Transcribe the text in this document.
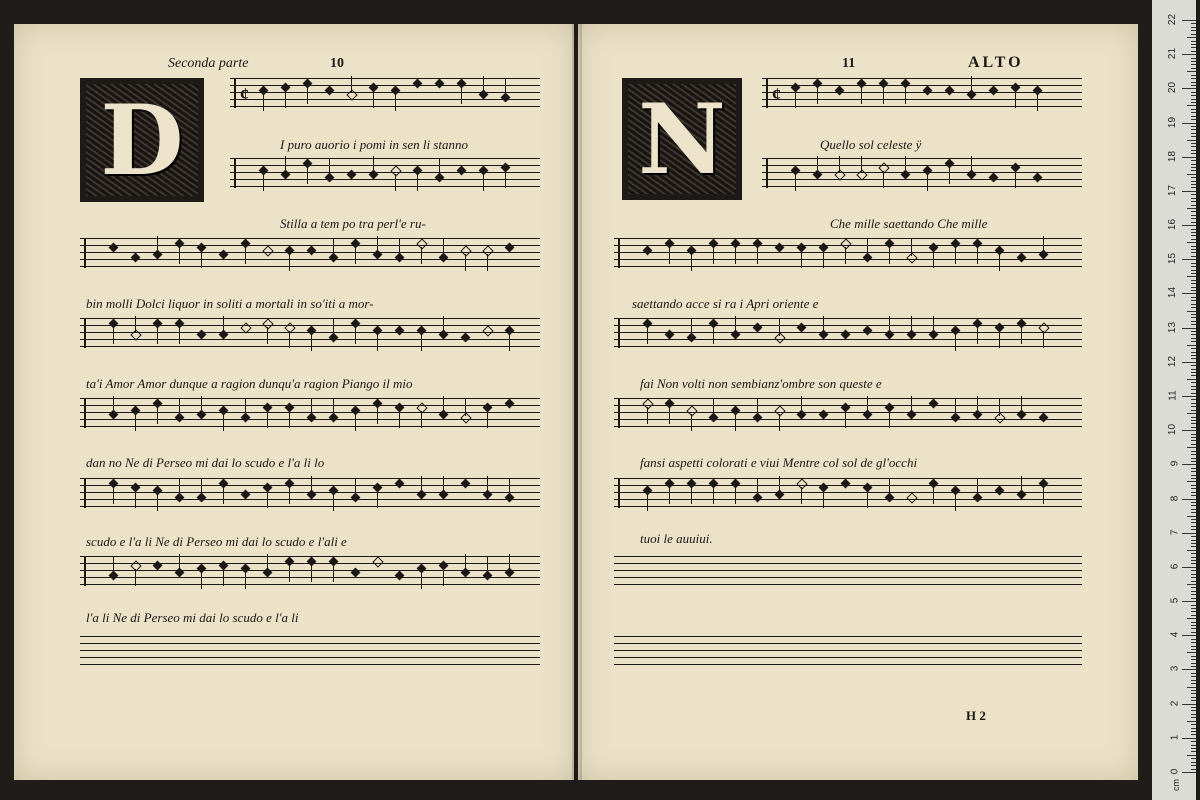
Seconda parte	10
D
11	ALTO
N
¢	¢
I puro auorio i pomi in sen li stanno
Stilla a tem po tra perl'e ru-
bin molli Dolci liquor in soliti a mortali in so'iti a mor-
ta'i Amor Amor dunque a ragion dunqu'a ragion Piango il mio
dan no Ne di Perseo mi dai lo scudo e l'a li lo
scudo e l'a li Ne di Perseo mi dai lo scudo e l'ali e
l'a li Ne di Perseo mi dai lo scudo e l'a li
Quello sol celeste ÿ
Che mille saettando Che mille
saettando acce si ra i Apri oriente e
fai Non volti non sembianz'ombre son queste e
fansi aspetti colorati e viui Mentre col sol de gl'occhi
tuoi le auuiui.
H 2
cm
0
1
2
3
4
5
6
7
8
9
10
11
12
13
14
15
16
17
18
19
20
21
22
